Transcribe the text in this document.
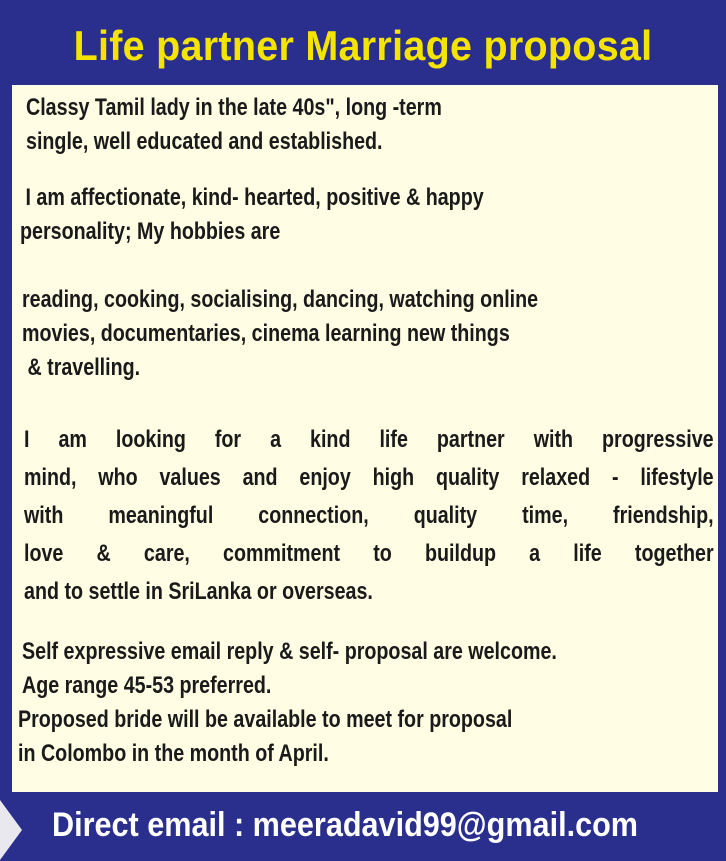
Life partner Marriage proposal
Classy Tamil lady in the late 40s", long -term
single, well educated and established.
I am affectionate, kind- hearted, positive & happy
personality; My hobbies are
reading, cooking, socialising, dancing, watching online
movies, documentaries, cinema learning new things
& travelling.
I am looking for a kind life partner with progressive
mind, who values and enjoy high quality relaxed - lifestyle
with meaningful connection, quality time, friendship,
love & care, commitment to buildup a life together
and to settle in SriLanka or overseas.
Self expressive email reply & self- proposal are welcome.
Age range 45-53 preferred.
Proposed bride will be available to meet for proposal
in Colombo in the month of April.
Direct email : meeradavid99@gmail.com
